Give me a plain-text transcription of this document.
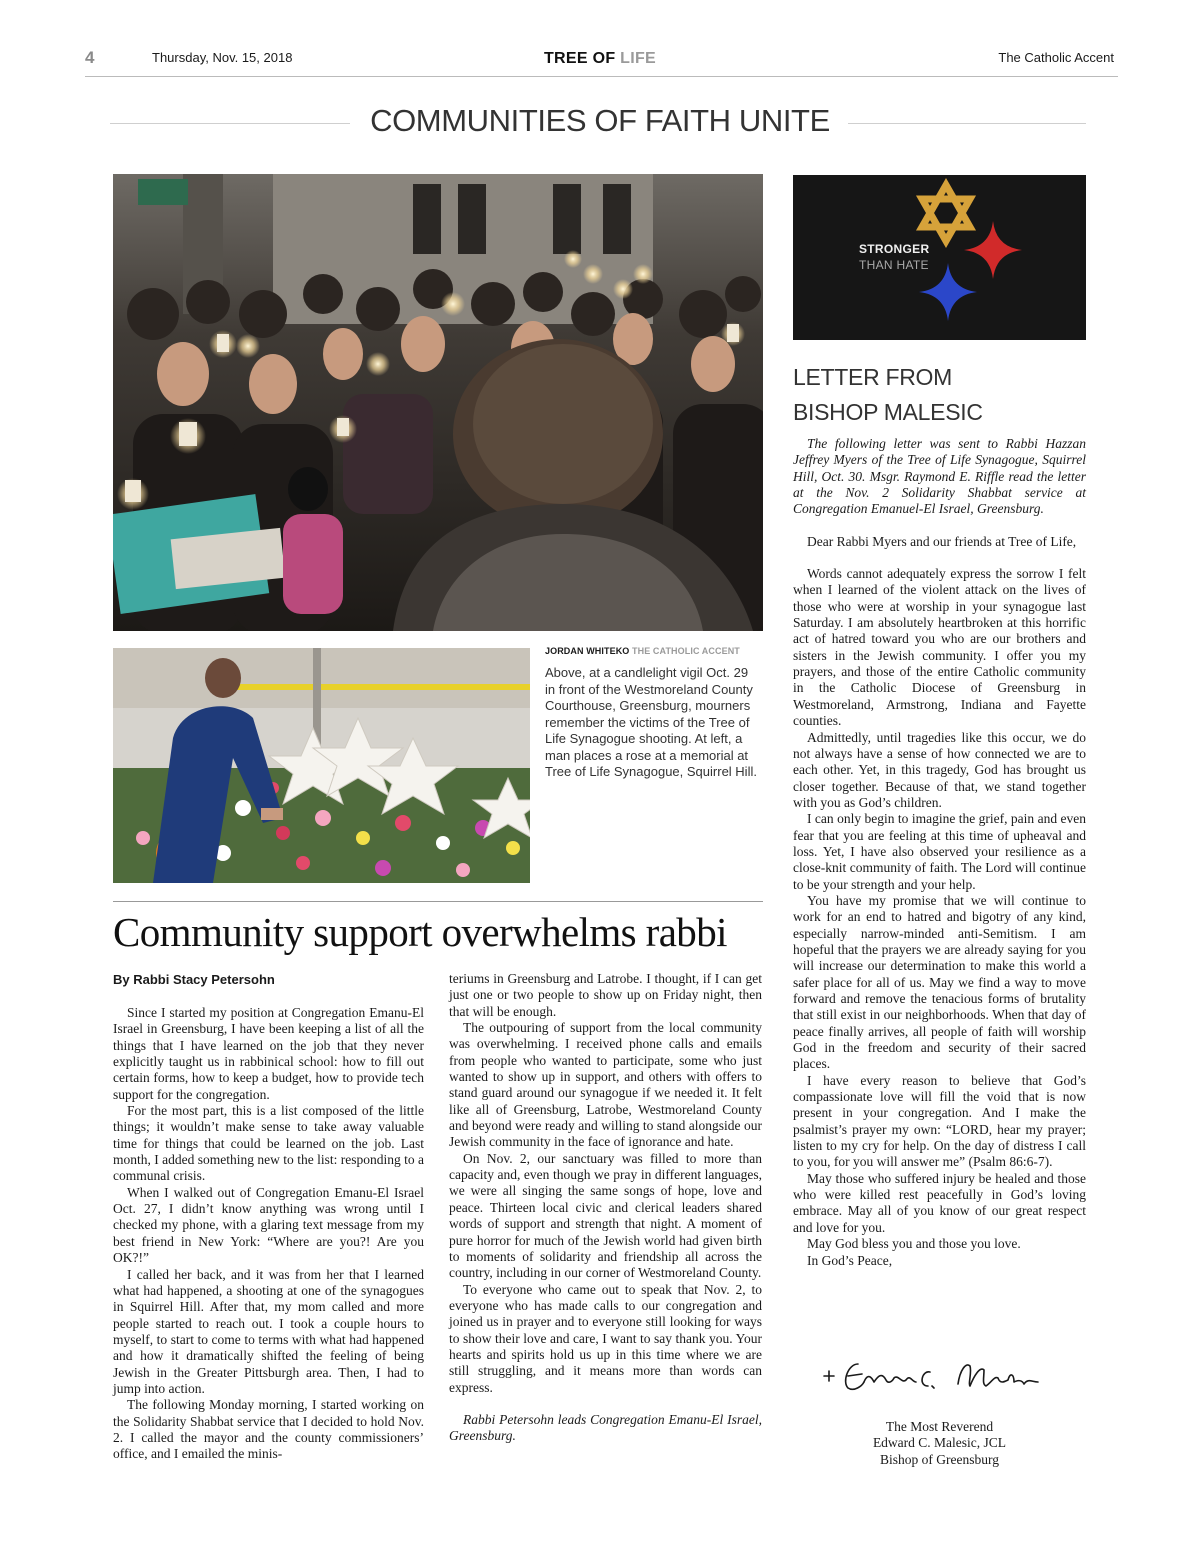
4	Thursday, Nov. 15, 2018	TREE OF LIFE	The Catholic Accent
COMMUNITIES OF FAITH UNITE
JORDAN WHITEKO THE CATHOLIC ACCENT
Above, at a candlelight vigil Oct. 29 in front of the Westmoreland County Courthouse, Greensburg, mourners remember the victims of the Tree of Life Synagogue shooting. At left, a man places a rose at a memorial at Tree of Life Synagogue, Squirrel Hill.
Community support overwhelms rabbi
By Rabbi Stacy Petersohn

Since I started my position at Congregation Emanu-El Israel in Greensburg, I have been keeping a list of all the things that I have learned on the job that they never explicitly taught us in rabbinical school: how to fill out certain forms, how to keep a budget, how to provide tech support for the congregation.

For the most part, this is a list composed of the little things; it wouldn’t make sense to take away valuable time for things that could be learned on the job. Last month, I added something new to the list: responding to a communal crisis.

When I walked out of Congregation Emanu-El Israel Oct. 27, I didn’t know anything was wrong until I checked my phone, with a glaring text message from my best friend in New York: “Where are you?! Are you OK?!”

I called her back, and it was from her that I learned what had happened, a shooting at one of the synagogues in Squirrel Hill. After that, my mom called and more people started to reach out. I took a couple hours to myself, to start to come to terms with what had happened and how it dramatically shifted the feeling of being Jewish in the Greater Pittsburgh area. Then, I had to jump into action.

The following Monday morning, I started working on the Solidarity Shabbat service that I decided to hold Nov. 2. I called the mayor and the county commissioners’ office, and I emailed the minis-

teriums in Greensburg and Latrobe. I thought, if I can get just one or two people to show up on Friday night, then that will be enough.

The outpouring of support from the local community was overwhelming. I received phone calls and emails from people who wanted to participate, some who just wanted to show up in support, and others with offers to stand guard around our synagogue if we needed it. It felt like all of Greensburg, Latrobe, Westmoreland County and beyond were ready and willing to stand alongside our Jewish community in the face of ignorance and hate.

On Nov. 2, our sanctuary was filled to more than capacity and, even though we pray in different languages, we were all singing the same songs of hope, love and peace. Thirteen local civic and clerical leaders shared words of support and strength that night. A moment of pure horror for much of the Jewish world had given birth to moments of solidarity and friendship all across the country, including in our corner of Westmoreland County.

To everyone who came out to speak that Nov. 2, to everyone who has made calls to our congregation and joined us in prayer and to everyone still looking for ways to show their love and care, I want to say thank you. Your hearts and spirits hold us up in this time where we are still struggling, and it means more than words can express.

Rabbi Petersohn leads Congregation Emanu-El Israel, Greensburg.

STRONGER
THAN HATE
LETTER FROM
BISHOP MALESIC

The following letter was sent to Rabbi Hazzan Jeffrey Myers of the Tree of Life Synagogue, Squirrel Hill, Oct. 30. Msgr. Raymond E. Riffle read the letter at the Nov. 2 Solidarity Shabbat service at Congregation Emanuel-El Israel, Greensburg.

Dear Rabbi Myers and our friends at Tree of Life,

Words cannot adequately express the sorrow I felt when I learned of the violent attack on the lives of those who were at worship in your synagogue last Saturday. I am absolutely heartbroken at this horrific act of hatred toward you who are our brothers and sisters in the Jewish community. I offer you my prayers, and those of the entire Catholic community in the Catholic Diocese of Greensburg in Westmoreland, Armstrong, Indiana and Fayette counties.

Admittedly, until tragedies like this occur, we do not always have a sense of how connected we are to each other. Yet, in this tragedy, God has brought us closer together. Because of that, we stand together with you as God’s children.

I can only begin to imagine the grief, pain and even fear that you are feeling at this time of upheaval and loss. Yet, I have also observed your resilience as a close-knit community of faith. The Lord will continue to be your strength and your help.

You have my promise that we will continue to work for an end to hatred and bigotry of any kind, especially narrow-minded anti-Semitism. I am hopeful that the prayers we are already saying for you will increase our determination to make this world a safer place for all of us. May we find a way to move forward and remove the tenacious forms of brutality that still exist in our neighborhoods. When that day of peace finally arrives, all people of faith will worship God in the freedom and security of their sacred places.

I have every reason to believe that God’s compassionate love will fill the void that is now present in your congregation. And I make the psalmist’s prayer my own: “LORD, hear my prayer; listen to my cry for help. On the day of distress I call to you, for you will answer me” (Psalm 86:6-7).

May those who suffered injury be healed and those who were killed rest peacefully in God’s loving embrace. May all of you know of our great respect and love for you.

May God bless you and those you love.

In God’s Peace,

The Most Reverend
Edward C. Malesic, JCL
Bishop of Greensburg
